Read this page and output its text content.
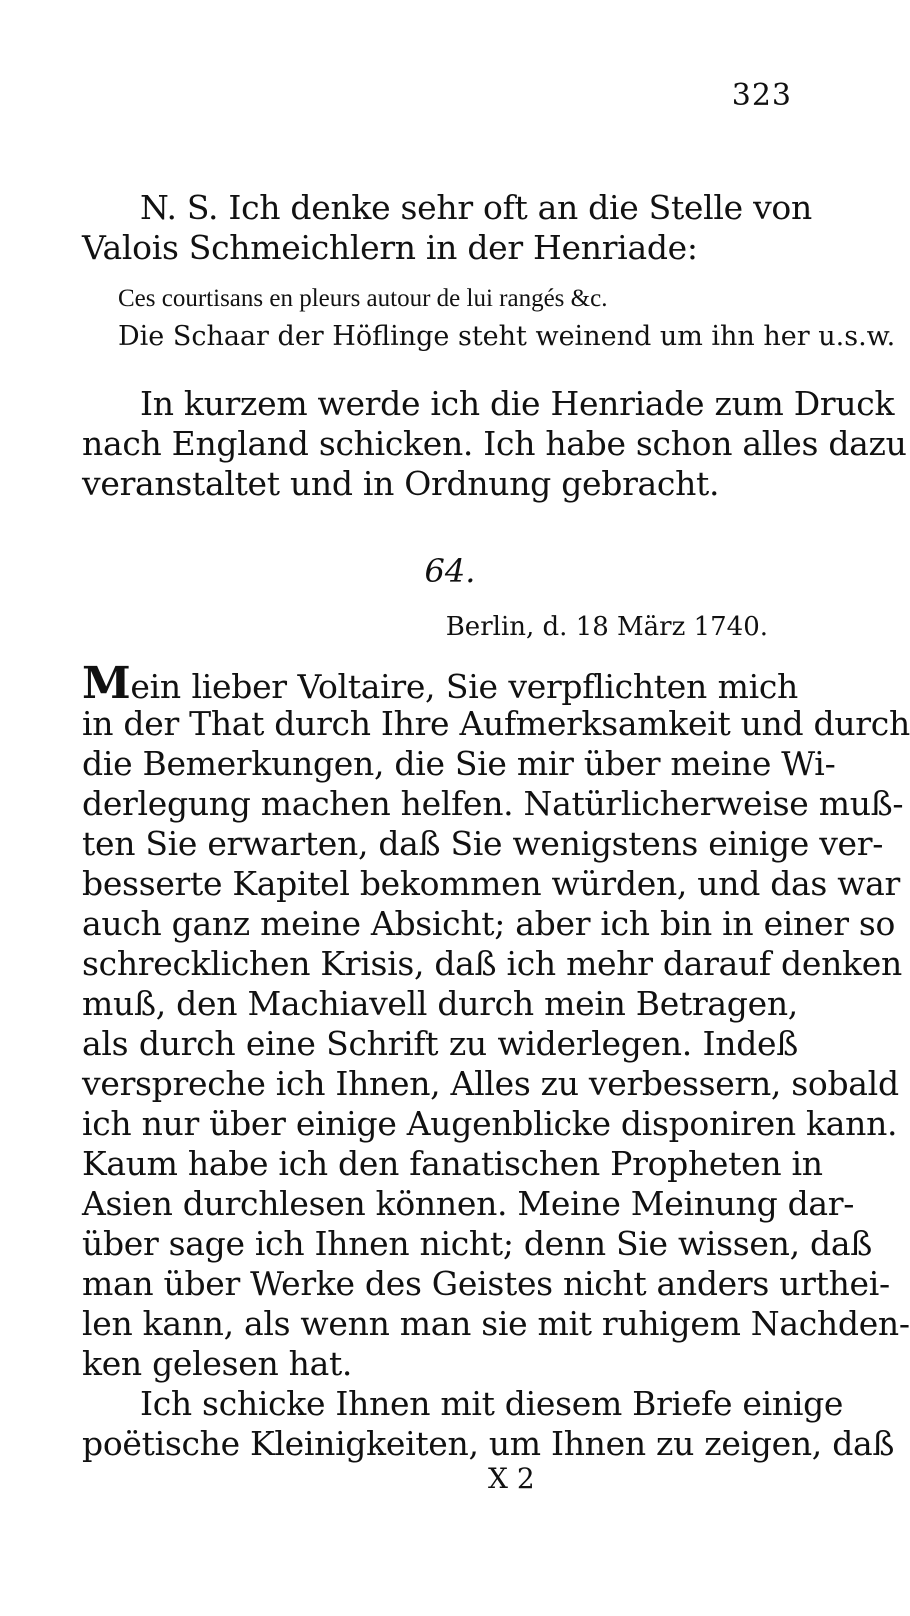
323
N. S. Ich denke sehr oft an die Stelle von
Valois Schmeichlern in der Henriade:
Ces courtisans en pleurs autour de lui rangés &c.
Die Schaar der Höflinge steht weinend um ihn her u.s.w.
In kurzem werde ich die Henriade zum Druck
nach England schicken. Ich habe schon alles dazu
veranstaltet und in Ordnung gebracht.
64.
Berlin, d. 18 März 1740.
Mein lieber Voltaire, Sie verpflichten mich
in der That durch Ihre Aufmerksamkeit und durch
die Bemerkungen, die Sie mir über meine Wi-
derlegung machen helfen. Natürlicherweise muß-
ten Sie erwarten, daß Sie wenigstens einige ver-
besserte Kapitel bekommen würden, und das war
auch ganz meine Absicht; aber ich bin in einer so
schrecklichen Krisis, daß ich mehr darauf denken
muß, den Machiavell durch mein Betragen,
als durch eine Schrift zu widerlegen. Indeß
verspreche ich Ihnen, Alles zu verbessern, sobald
ich nur über einige Augenblicke disponiren kann.
Kaum habe ich den fanatischen Propheten in
Asien durchlesen können. Meine Meinung dar-
über sage ich Ihnen nicht; denn Sie wissen, daß
man über Werke des Geistes nicht anders urthei-
len kann, als wenn man sie mit ruhigem Nachden-
ken gelesen hat.
Ich schicke Ihnen mit diesem Briefe einige
poëtische Kleinigkeiten, um Ihnen zu zeigen, daß
X 2
